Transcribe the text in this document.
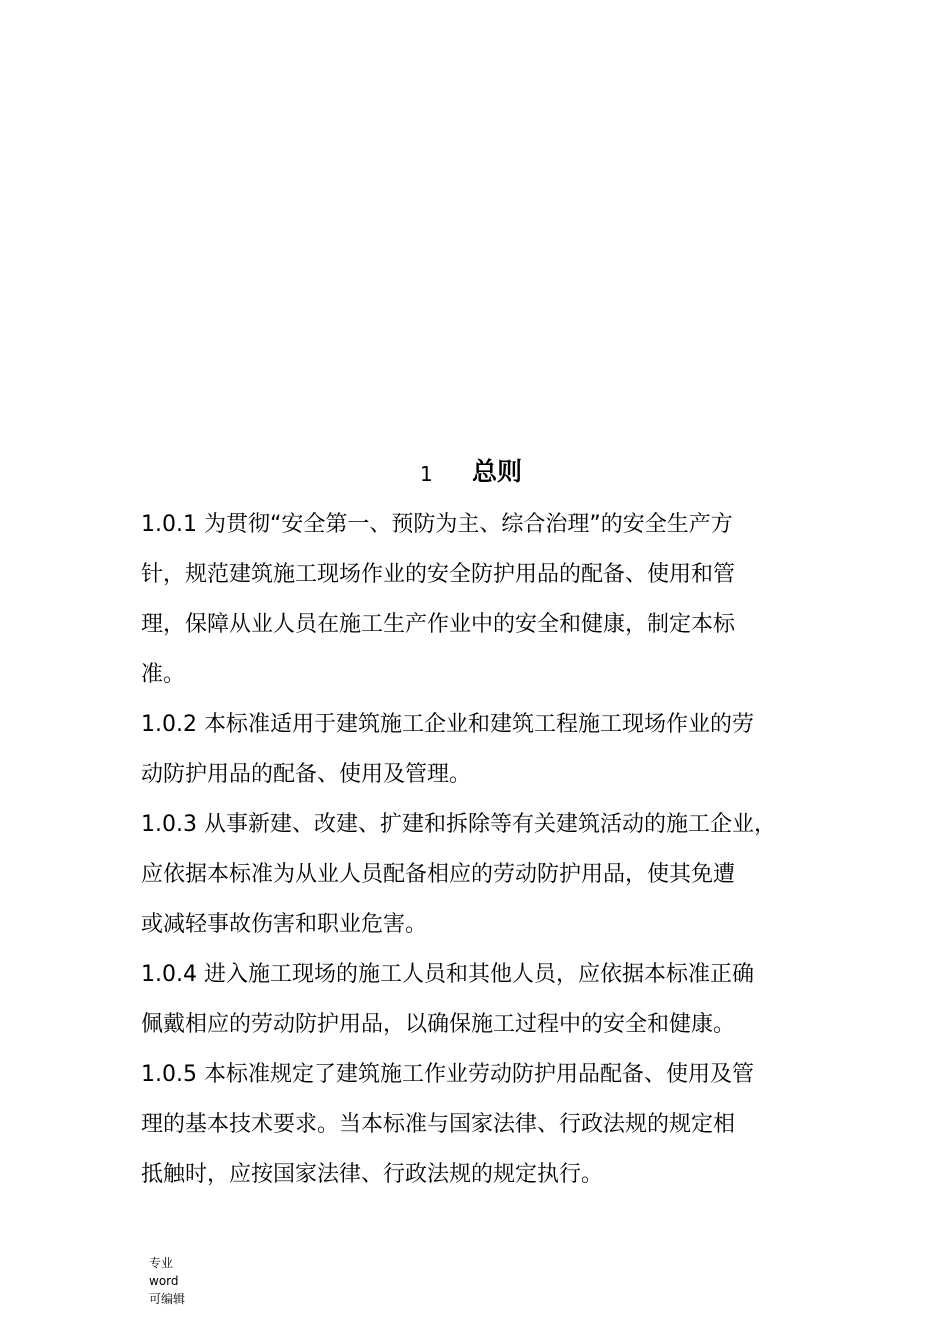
1 总则
1.0.1 为贯彻“安全第一、预防为主、综合治理”的安全生产方
针，规范建筑施工现场作业的安全防护用品的配备、使用和管
理，保障从业人员在施工生产作业中的安全和健康，制定本标
准。
1.0.2 本标准适用于建筑施工企业和建筑工程施工现场作业的劳
动防护用品的配备、使用及管理。
1.0.3 从事新建、改建、扩建和拆除等有关建筑活动的施工企业，
应依据本标准为从业人员配备相应的劳动防护用品，使其免遭
或减轻事故伤害和职业危害。
1.0.4 进入施工现场的施工人员和其他人员，应依据本标准正确
佩戴相应的劳动防护用品，以确保施工过程中的安全和健康。
1.0.5 本标准规定了建筑施工作业劳动防护用品配备、使用及管
理的基本技术要求。当本标准与国家法律、行政法规的规定相
抵触时，应按国家法律、行政法规的规定执行。
专业
word
可编辑
